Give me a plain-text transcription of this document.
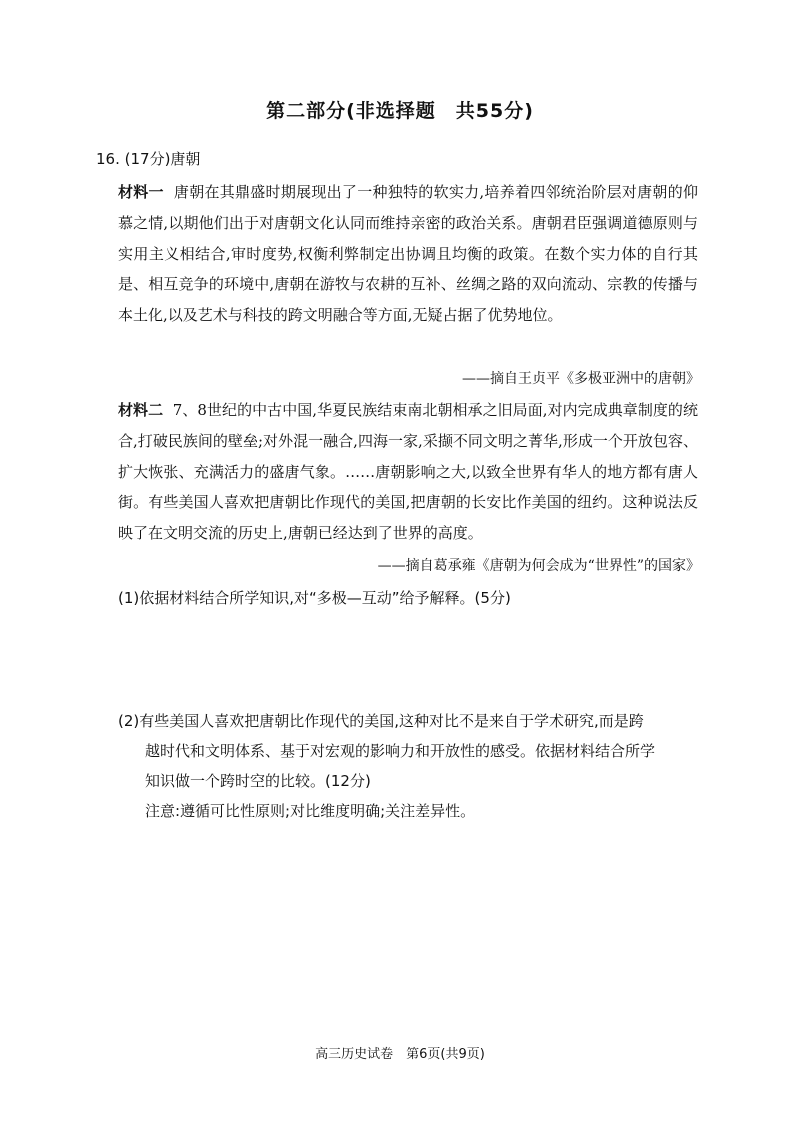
第二部分(非选择题　共55分)
16. (17分)唐朝
材料一 唐朝在其鼎盛时期展现出了一种独特的软实力,培养着四邻统治阶层对唐朝的仰慕之情,以期他们出于对唐朝文化认同而维持亲密的政治关系。唐朝君臣强调道德原则与实用主义相结合,审时度势,权衡利弊制定出协调且均衡的政策。在数个实力体的自行其是、相互竞争的环境中,唐朝在游牧与农耕的互补、丝绸之路的双向流动、宗教的传播与本土化,以及艺术与科技的跨文明融合等方面,无疑占据了优势地位。
——摘自王贞平《多极亚洲中的唐朝》
材料二 7、8世纪的中古中国,华夏民族结束南北朝相承之旧局面,对内完成典章制度的统合,打破民族间的壁垒;对外混一融合,四海一家,采撷不同文明之菁华,形成一个开放包容、扩大恢张、充满活力的盛唐气象。……唐朝影响之大,以致全世界有华人的地方都有唐人街。有些美国人喜欢把唐朝比作现代的美国,把唐朝的长安比作美国的纽约。这种说法反映了在文明交流的历史上,唐朝已经达到了世界的高度。
——摘自葛承雍《唐朝为何会成为“世界性”的国家》
(1)依据材料结合所学知识,对“多极—互动”给予解释。(5分)
(2)有些美国人喜欢把唐朝比作现代的美国,这种对比不是来自于学术研究,而是跨
越时代和文明体系、基于对宏观的影响力和开放性的感受。依据材料结合所学
知识做一个跨时空的比较。(12分)
注意:遵循可比性原则;对比维度明确;关注差异性。
高三历史试卷　第6页(共9页)
